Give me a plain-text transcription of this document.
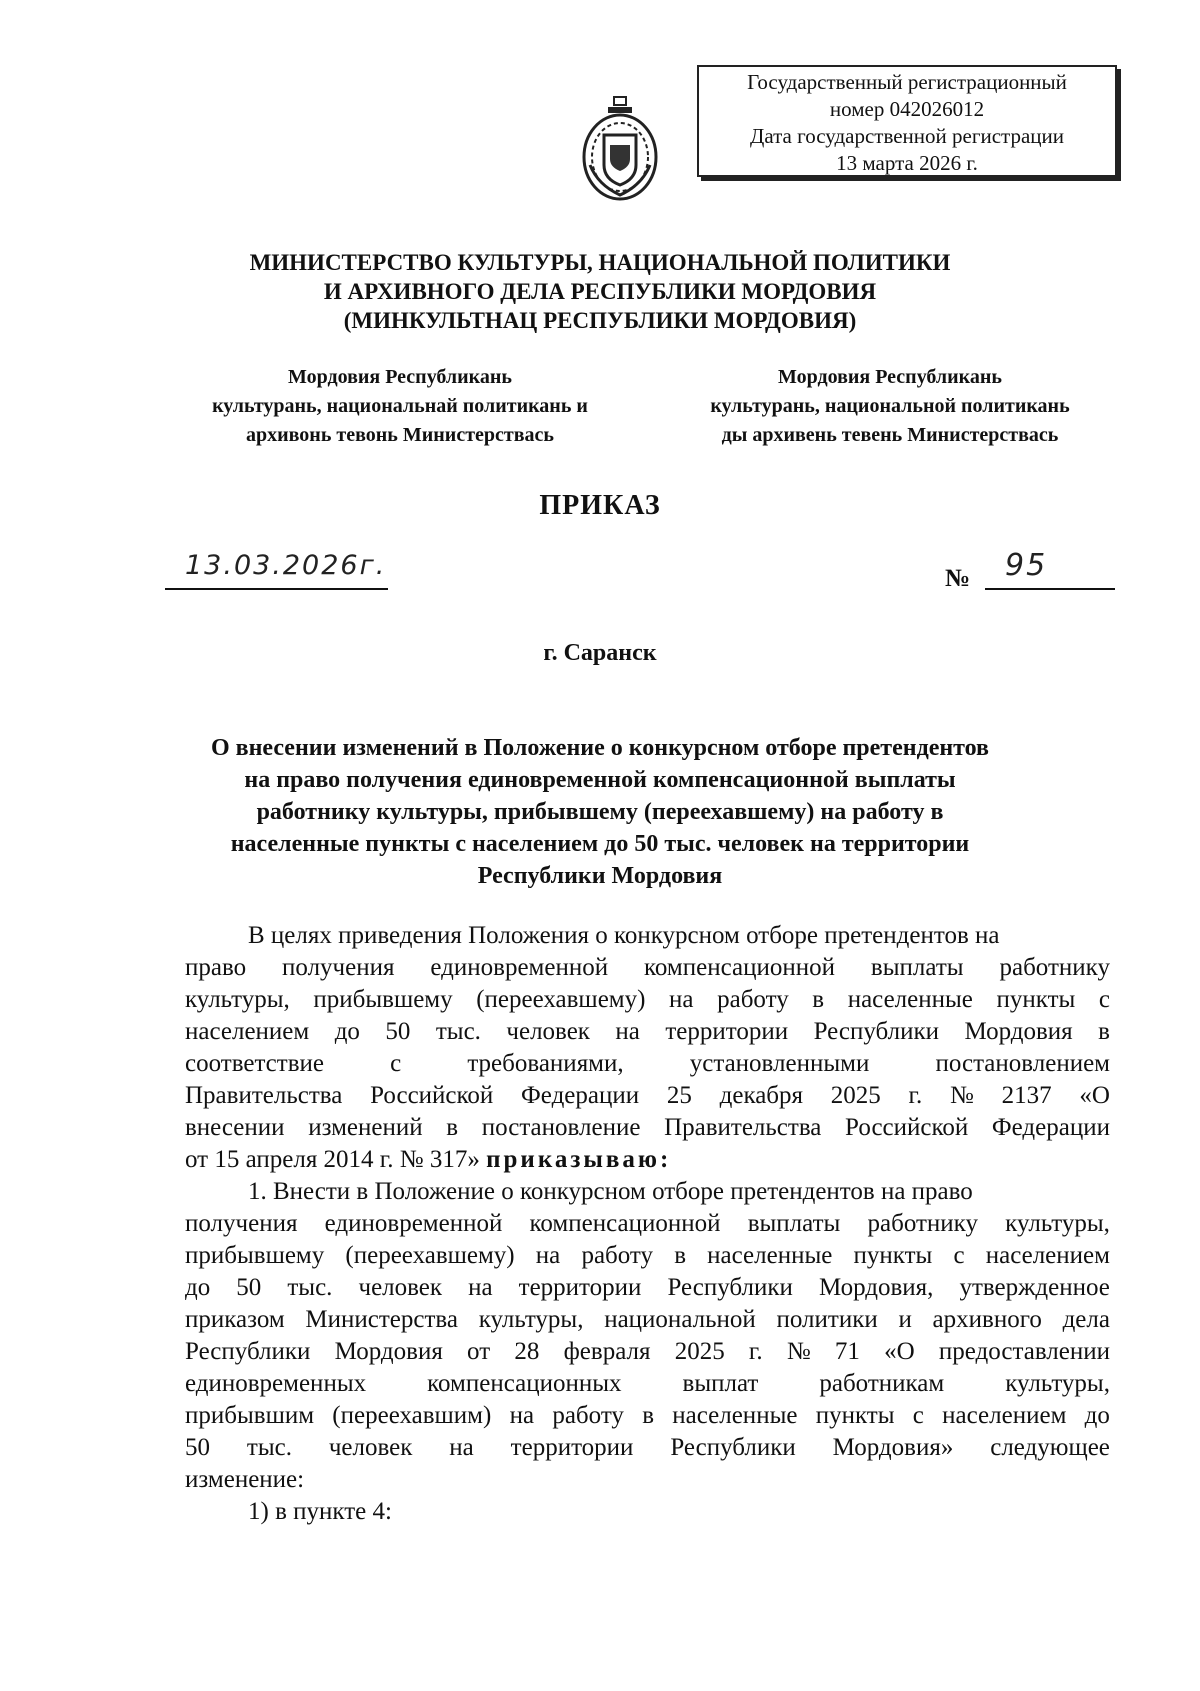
Государственный регистрационный
номер 042026012
Дата государственной регистрации
13 марта 2026 г.
МИНИСТЕРСТВО КУЛЬТУРЫ, НАЦИОНАЛЬНОЙ ПОЛИТИКИ
И АРХИВНОГО ДЕЛА РЕСПУБЛИКИ МОРДОВИЯ
(МИНКУЛЬТНАЦ РЕСПУБЛИКИ МОРДОВИЯ)
Мордовия Республикань
культурань, национальнай политикань и
архивонь тевонь Министерствась
Мордовия Республикань
культурань, национальной политикань
ды архивень тевень Министерствась
ПРИКАЗ
13.03.2026г.	№ 95
г. Саранск
О внесении изменений в Положение о конкурсном отборе претендентов
на право получения единовременной компенсационной выплаты
работнику культуры, прибывшему (переехавшему) на работу в
населенные пункты с населением до 50 тыс. человек на территории
Республики Мордовия
В целях приведения Положения о конкурсном отборе претендентов на
право получения единовременной компенсационной выплаты работнику
культуры, прибывшему (переехавшему) на работу в населенные пункты с
населением до 50 тыс. человек на территории Республики Мордовия в
соответствие	с	требованиями,	установленными	постановлением
Правительства Российской Федерации 25 декабря 2025 г. № 2137 «О
внесении изменений в постановление Правительства Российской Федерации
от 15 апреля 2014 г. № 317» приказываю:
1. Внести в Положение о конкурсном отборе претендентов на право
получения единовременной компенсационной выплаты работнику культуры,
прибывшему (переехавшему) на работу в населенные пункты с населением
до 50 тыс. человек на территории Республики Мордовия, утвержденное
приказом Министерства культуры, национальной политики и архивного дела
Республики Мордовия от 28 февраля 2025 г. № 71 «О предоставлении
единовременных компенсационных выплат работникам культуры,
прибывшим (переехавшим) на работу в населенные пункты с населением до
50 тыс. человек на территории Республики Мордовия» следующее
изменение:
1) в пункте 4:
